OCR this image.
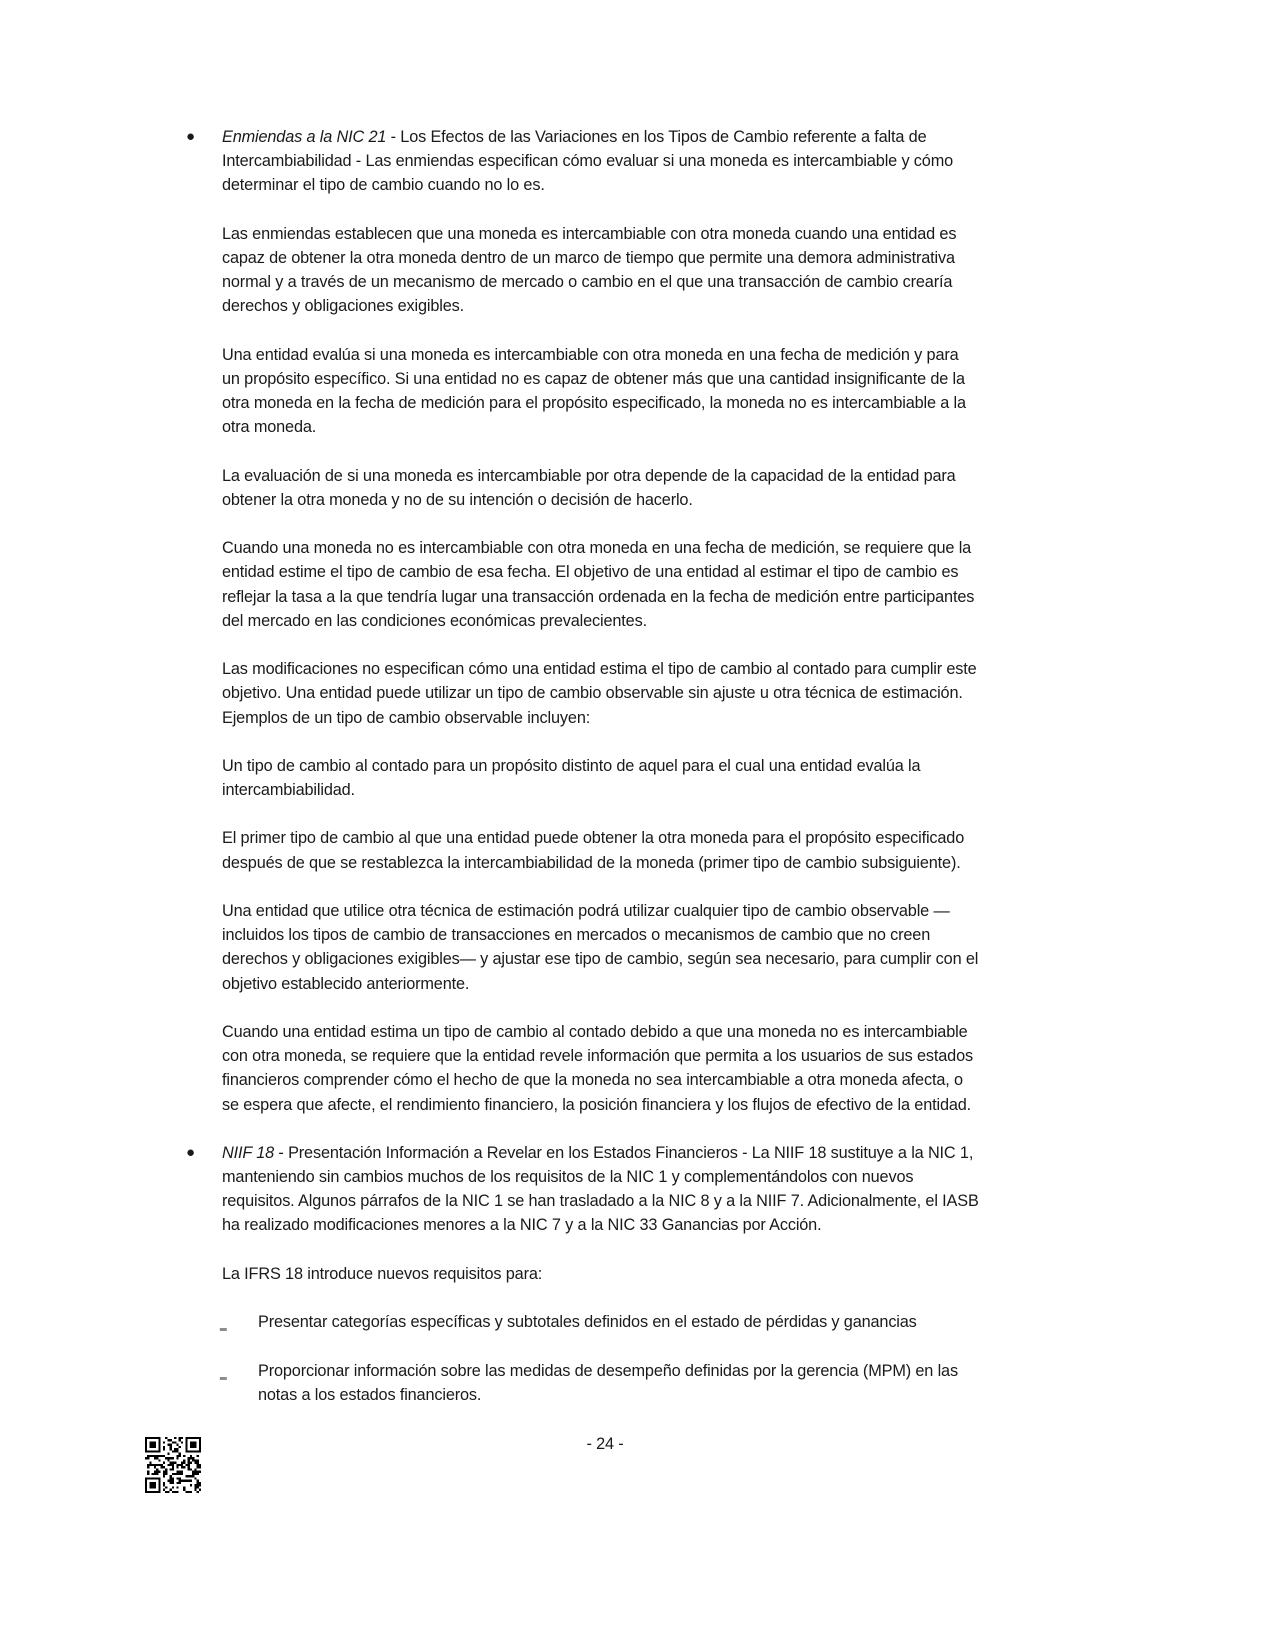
● Enmiendas a la NIC 21 - Los Efectos de las Variaciones en los Tipos de Cambio referente a falta de
Intercambiabilidad - Las enmiendas especifican cómo evaluar si una moneda es intercambiable y cómo
determinar el tipo de cambio cuando no lo es.
Las enmiendas establecen que una moneda es intercambiable con otra moneda cuando una entidad es
capaz de obtener la otra moneda dentro de un marco de tiempo que permite una demora administrativa
normal y a través de un mecanismo de mercado o cambio en el que una transacción de cambio crearía
derechos y obligaciones exigibles.
Una entidad evalúa si una moneda es intercambiable con otra moneda en una fecha de medición y para
un propósito específico. Si una entidad no es capaz de obtener más que una cantidad insignificante de la
otra moneda en la fecha de medición para el propósito especificado, la moneda no es intercambiable a la
otra moneda.
La evaluación de si una moneda es intercambiable por otra depende de la capacidad de la entidad para
obtener la otra moneda y no de su intención o decisión de hacerlo.
Cuando una moneda no es intercambiable con otra moneda en una fecha de medición, se requiere que la
entidad estime el tipo de cambio de esa fecha. El objetivo de una entidad al estimar el tipo de cambio es
reflejar la tasa a la que tendría lugar una transacción ordenada en la fecha de medición entre participantes
del mercado en las condiciones económicas prevalecientes.
Las modificaciones no especifican cómo una entidad estima el tipo de cambio al contado para cumplir este
objetivo. Una entidad puede utilizar un tipo de cambio observable sin ajuste u otra técnica de estimación.
Ejemplos de un tipo de cambio observable incluyen:
Un tipo de cambio al contado para un propósito distinto de aquel para el cual una entidad evalúa la
intercambiabilidad.
El primer tipo de cambio al que una entidad puede obtener la otra moneda para el propósito especificado
después de que se restablezca la intercambiabilidad de la moneda (primer tipo de cambio subsiguiente).
Una entidad que utilice otra técnica de estimación podrá utilizar cualquier tipo de cambio observable —
incluidos los tipos de cambio de transacciones en mercados o mecanismos de cambio que no creen
derechos y obligaciones exigibles— y ajustar ese tipo de cambio, según sea necesario, para cumplir con el
objetivo establecido anteriormente.
Cuando una entidad estima un tipo de cambio al contado debido a que una moneda no es intercambiable
con otra moneda, se requiere que la entidad revele información que permita a los usuarios de sus estados
financieros comprender cómo el hecho de que la moneda no sea intercambiable a otra moneda afecta, o
se espera que afecte, el rendimiento financiero, la posición financiera y los flujos de efectivo de la entidad.
● NIIF 18 - Presentación Información a Revelar en los Estados Financieros - La NIIF 18 sustituye a la NIC 1,
manteniendo sin cambios muchos de los requisitos de la NIC 1 y complementándolos con nuevos
requisitos. Algunos párrafos de la NIC 1 se han trasladado a la NIC 8 y a la NIIF 7. Adicionalmente, el IASB
ha realizado modificaciones menores a la NIC 7 y a la NIC 33 Ganancias por Acción.
La IFRS 18 introduce nuevos requisitos para:
‗ Presentar categorías específicas y subtotales definidos en el estado de pérdidas y ganancias
‗ Proporcionar información sobre las medidas de desempeño definidas por la gerencia (MPM) en las
notas a los estados financieros.
- 24 -
